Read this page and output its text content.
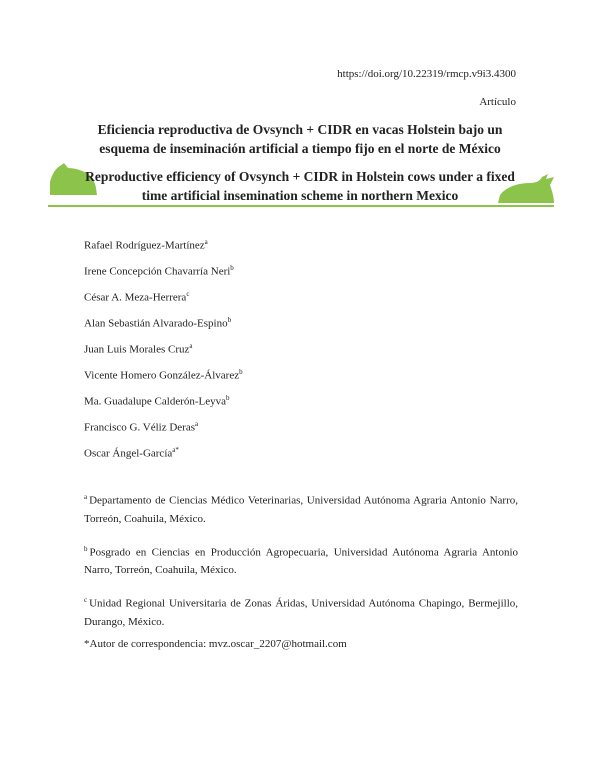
https://doi.org/10.22319/rmcp.v9i3.4300
Artículo
Eficiencia reproductiva de Ovsynch + CIDR en vacas Holstein bajo un esquema de inseminación artificial a tiempo fijo en el norte de México
Reproductive efficiency of Ovsynch + CIDR in Holstein cows under a fixed time artificial insemination scheme in northern Mexico
Rafael Rodríguez-Martínez$^a$
Irene Concepción Chavarría Neri$^b$
César A. Meza-Herrera$^c$
Alan Sebastián Alvarado-Espino$^b$
Juan Luis Morales Cruz$^a$
Vicente Homero González-Álvarez$^b$
Ma. Guadalupe Calderón-Leyva$^b$
Francisco G. Véliz Deras$^a$
Oscar Ángel-García$^{a*}$
$^a$ Departamento de Ciencias Médico Veterinarias, Universidad Autónoma Agraria Antonio Narro, Torreón, Coahuila, México.
$^b$ Posgrado en Ciencias en Producción Agropecuaria, Universidad Autónoma Agraria Antonio Narro, Torreón, Coahuila, México.
$^c$ Unidad Regional Universitaria de Zonas Áridas, Universidad Autónoma Chapingo, Bermejillo, Durango, México.
*Autor de correspondencia: mvz.oscar_2207@hotmail.com
